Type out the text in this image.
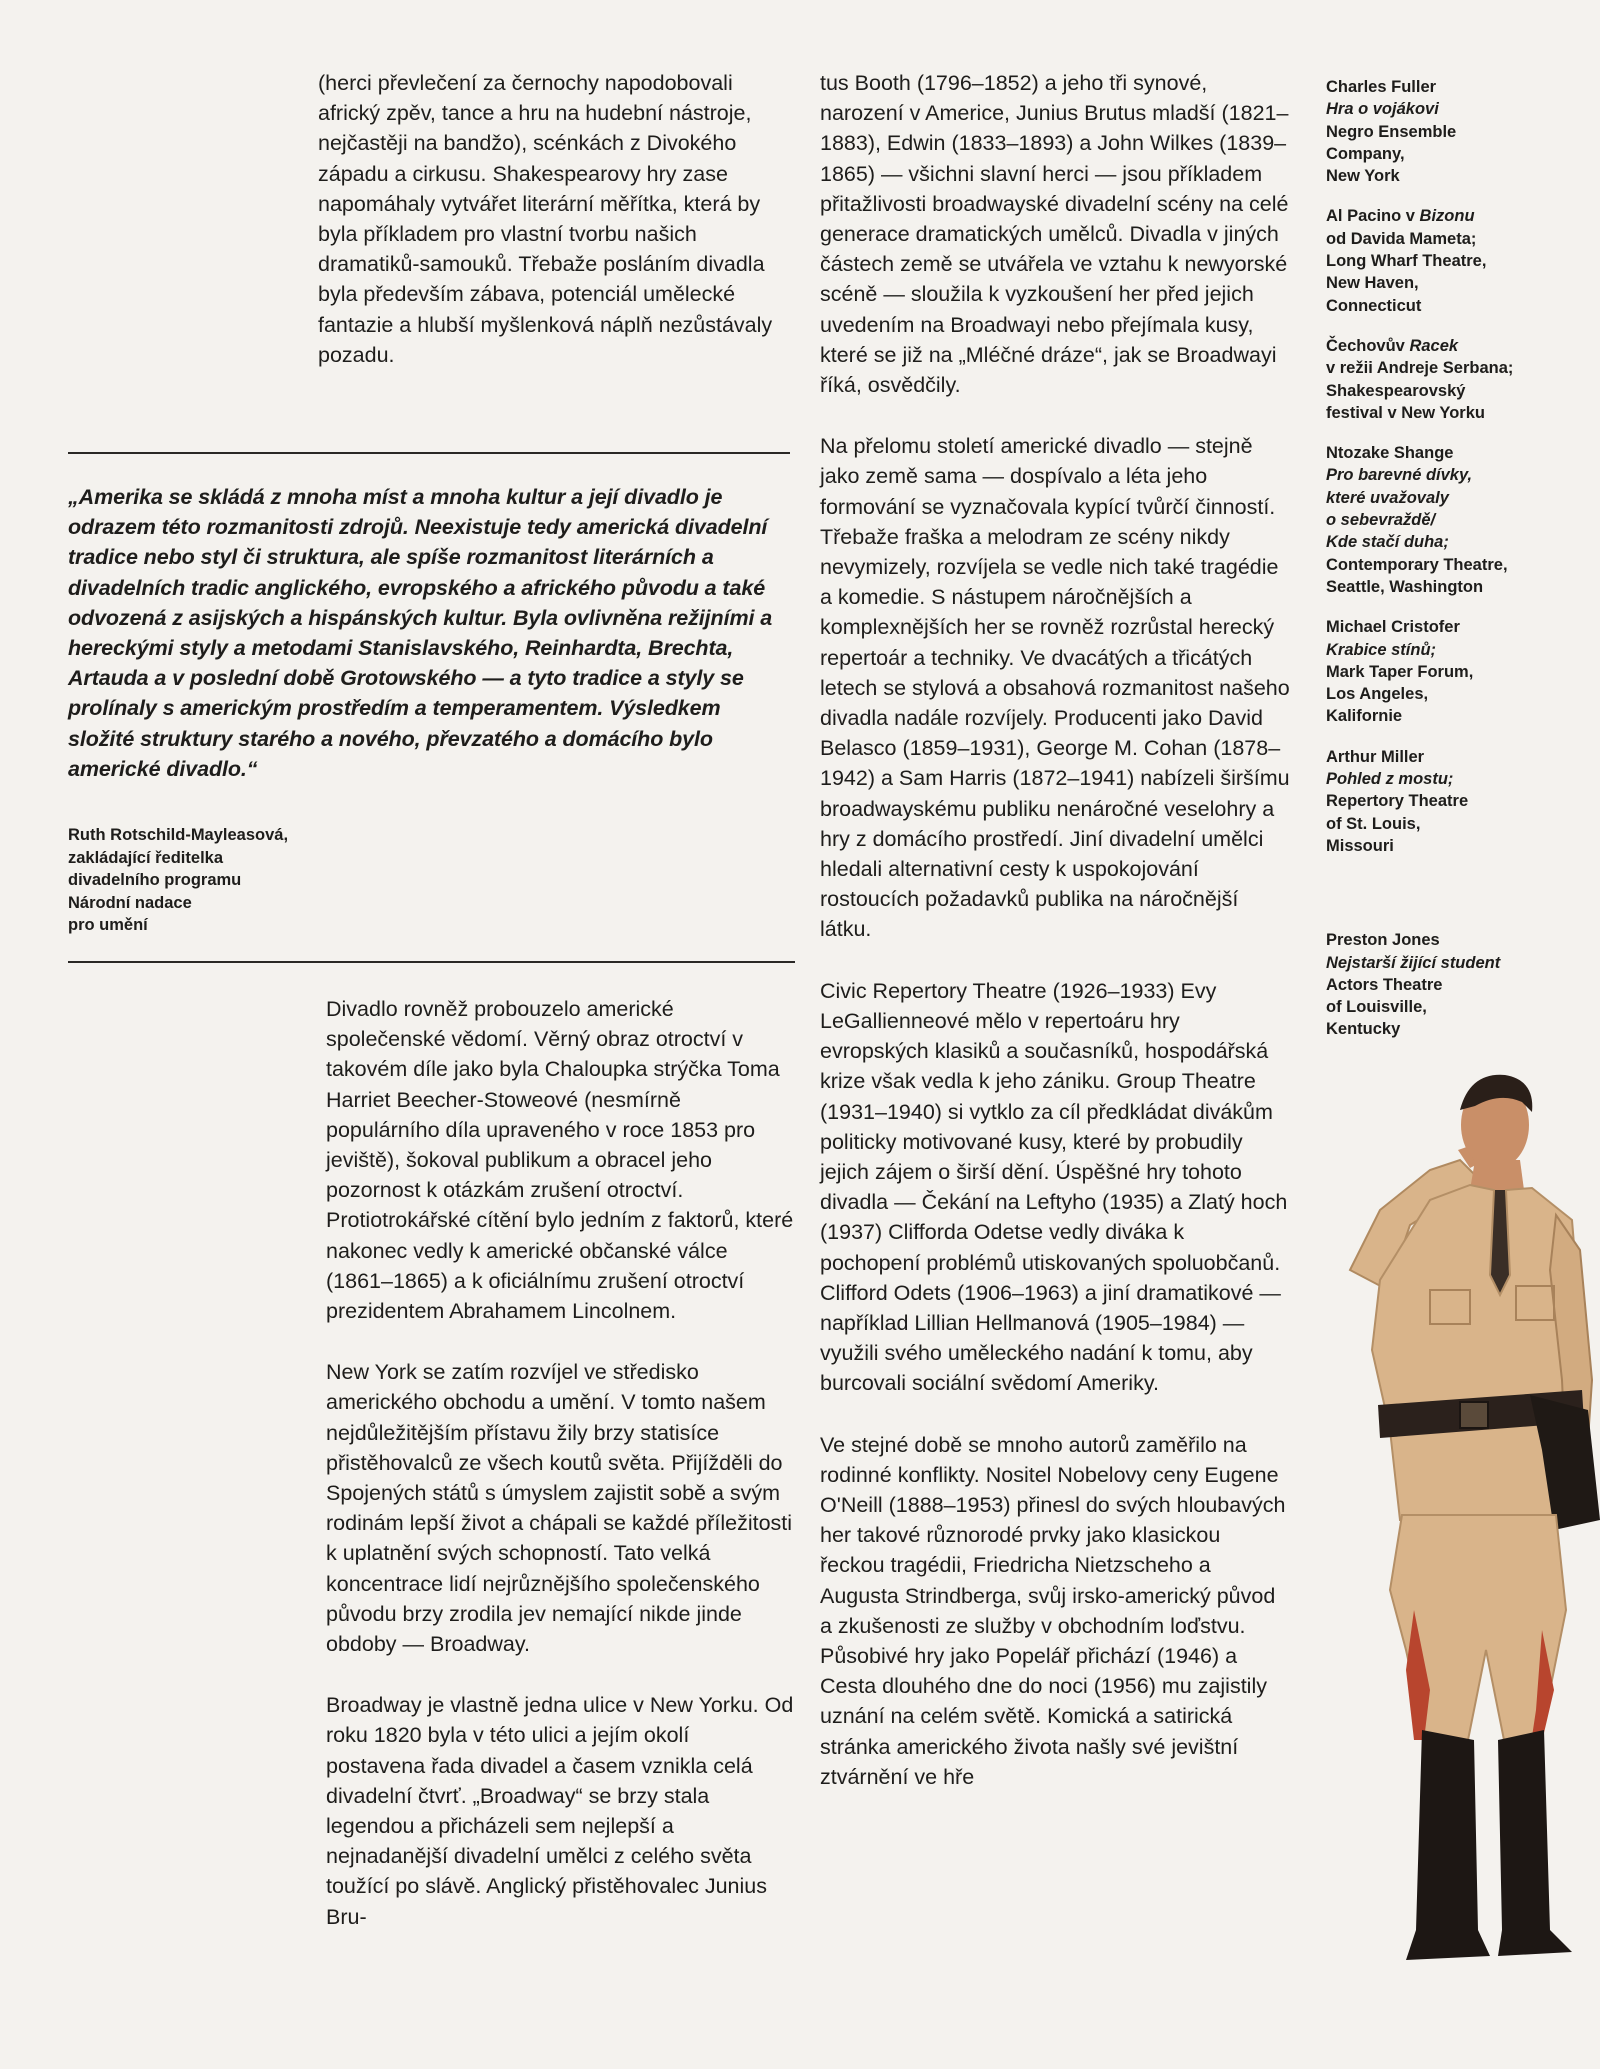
(herci převlečení za černochy napodobovali africký zpěv, tance a hru na hudební nástroje, nejčastěji na bandžo), scénkách z Divokého západu a cirkusu. Shakespearovy hry zase napomáhaly vytvářet literární měřítka, která by byla příkladem pro vlastní tvorbu našich dramatiků-samouků. Třebaže posláním divadla byla především zábava, potenciál umělecké fantazie a hlubší myšlenková náplň nezůstávaly pozadu.

„Amerika se skládá z mnoha míst a mnoha kultur a její divadlo je odrazem této rozmanitosti zdrojů. Neexistuje tedy americká divadelní tradice nebo styl či struktura, ale spíše rozmanitost literárních a divadelních tradic anglického, evropského a afrického původu a také odvozená z asijských a hispánských kultur. Byla ovlivněna režijními a hereckými styly a metodami Stanislavského, Reinhardta, Brechta, Artauda a v poslední době Grotowského — a tyto tradice a styly se prolínaly s americkým prostředím a temperamentem. Výsledkem složité struktury starého a nového, převzatého a domácího bylo americké divadlo.“
Ruth Rotschild-Mayleasová,
zakládající ředitelka
divadelního programu
Národní nadace
pro umění

Divadlo rovněž probouzelo americké společenské vědomí. Věrný obraz otroctví v takovém díle jako byla Chaloupka strýčka Toma Harriet Beecher-Stoweové (nesmírně populárního díla upraveného v roce 1853 pro jeviště), šokoval publikum a obracel jeho pozornost k otázkám zrušení otroctví. Protiotrokářské cítění bylo jedním z faktorů, které nakonec vedly k americké občanské válce (1861–1865) a k oficiálnímu zrušení otroctví prezidentem Abrahamem Lincolnem.

New York se zatím rozvíjel ve středisko amerického obchodu a umění. V tomto našem nejdůležitějším přístavu žily brzy statisíce přistěhovalců ze všech koutů světa. Přijížděli do Spojených států s úmyslem zajistit sobě a svým rodinám lepší život a chápali se každé příležitosti k uplatnění svých schopností. Tato velká koncentrace lidí nejrůznějšího společenského původu brzy zrodila jev nemající nikde jinde obdoby — Broadway.

Broadway je vlastně jedna ulice v New Yorku. Od roku 1820 byla v této ulici a jejím okolí postavena řada divadel a časem vznikla celá divadelní čtvrť. „Broadway“ se brzy stala legendou a přicházeli sem nejlepší a nejnadanější divadelní umělci z celého světa toužící po slávě. Anglický přistěhovalec Junius Bru-

tus Booth (1796–1852) a jeho tři synové, narození v Americe, Junius Brutus mladší (1821–1883), Edwin (1833–1893) a John Wilkes (1839–1865) — všichni slavní herci — jsou příkladem přitažlivosti broadwayské divadelní scény na celé generace dramatických umělců. Divadla v jiných částech země se utvářela ve vztahu k newyorské scéně — sloužila k vyzkoušení her před jejich uvedením na Broadwayi nebo přejímala kusy, které se již na „Mléčné dráze“, jak se Broadwayi říká, osvědčily.

Na přelomu století americké divadlo — stejně jako země sama — dospívalo a léta jeho formování se vyznačovala kypící tvůrčí činností. Třebaže fraška a melodram ze scény nikdy nevymizely, rozvíjela se vedle nich také tragédie a komedie. S nástupem náročnějších a komplexnějších her se rovněž rozrůstal herecký repertoár a techniky. Ve dvacátých a třicátých letech se stylová a obsahová rozmanitost našeho divadla nadále rozvíjely. Producenti jako David Belasco (1859–1931), George M. Cohan (1878–1942) a Sam Harris (1872–1941) nabízeli širšímu broadwayskému publiku nenáročné veselohry a hry z domácího prostředí. Jiní divadelní umělci hledali alternativní cesty k uspokojování rostoucích požadavků publika na náročnější látku.

Civic Repertory Theatre (1926–1933) Evy LeGallienneové mělo v repertoáru hry evropských klasiků a současníků, hospodářská krize však vedla k jeho zániku. Group Theatre (1931–1940) si vytklo za cíl předkládat divákům politicky motivované kusy, které by probudily jejich zájem o širší dění. Úspěšné hry tohoto divadla — Čekání na Leftyho (1935) a Zlatý hoch (1937) Clifforda Odetse vedly diváka k pochopení problémů utiskovaných spoluobčanů. Clifford Odets (1906–1963) a jiní dramatikové — například Lillian Hellmanová (1905–1984) — využili svého uměleckého nadání k tomu, aby burcovali sociální svědomí Ameriky.

Ve stejné době se mnoho autorů zaměřilo na rodinné konflikty. Nositel Nobelovy ceny Eugene O'Neill (1888–1953) přinesl do svých hloubavých her takové různorodé prvky jako klasickou řeckou tragédii, Friedricha Nietzscheho a Augusta Strindberga, svůj irsko-americký původ a zkušenosti ze služby v obchodním loďstvu. Působivé hry jako Popelář přichází (1946) a Cesta dlouhého dne do noci (1956) mu zajistily uznání na celém světě. Komická a satirická stránka amerického života našly své jevištní ztvárnění ve hře

Charles Fuller
Hra o vojákovi
Negro Ensemble
Company,
New York
Al Pacino v Bizonu
od Davida Mameta;
Long Wharf Theatre,
New Haven,
Connecticut
Čechovův Racek
v režii Andreje Serbana;
Shakespearovský
festival v New Yorku
Ntozake Shange
Pro barevné dívky,
které uvažovaly
o sebevraždě/
Kde stačí duha;
Contemporary Theatre,
Seattle, Washington
Michael Cristofer
Krabice stínů;
Mark Taper Forum,
Los Angeles,
Kalifornie
Arthur Miller
Pohled z mostu;
Repertory Theatre
of St. Louis,
Missouri
Preston Jones
Nejstarší žijící student
Actors Theatre
of Louisville,
Kentucky
